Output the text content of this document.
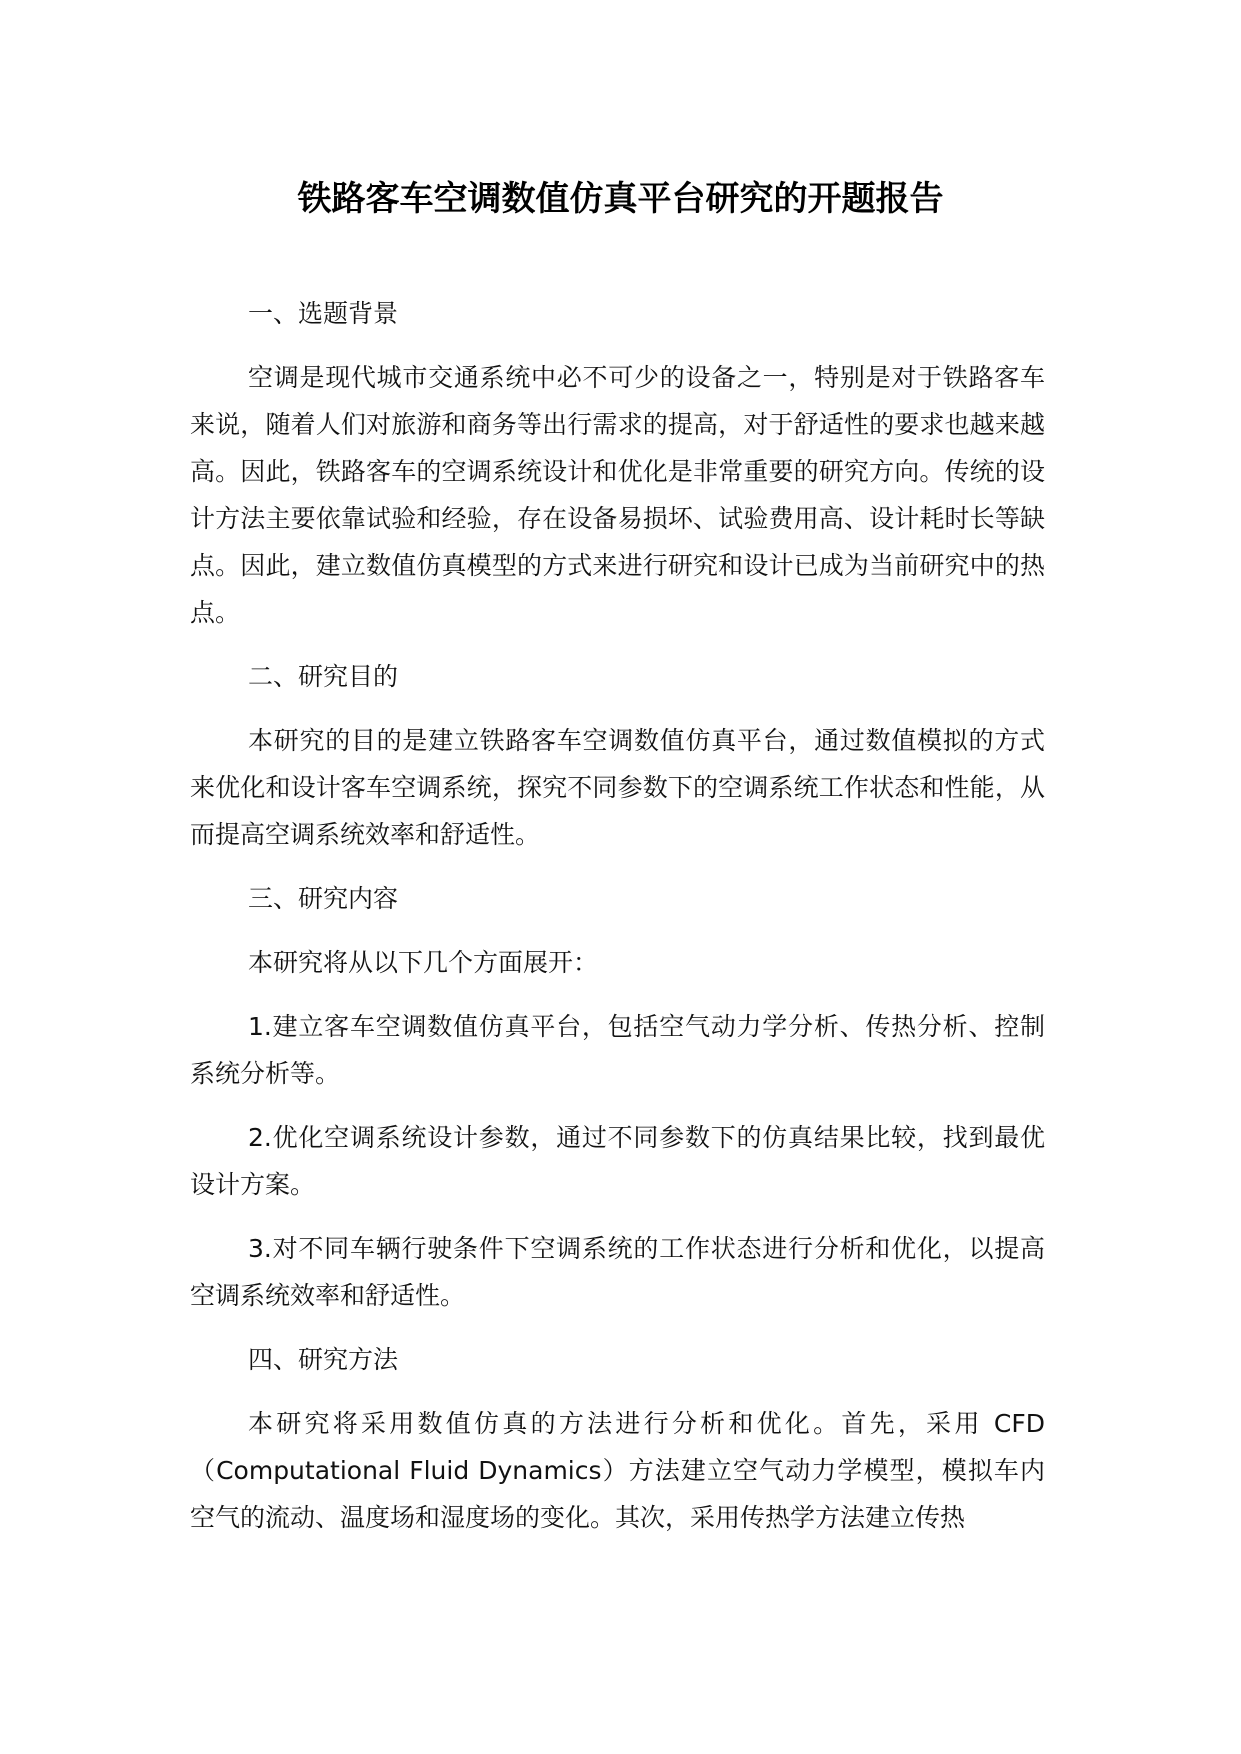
铁路客车空调数值仿真平台研究的开题报告

一、选题背景

空调是现代城市交通系统中必不可少的设备之一，特别是对于铁路客车来说，随着人们对旅游和商务等出行需求的提高，对于舒适性的要求也越来越高。因此，铁路客车的空调系统设计和优化是非常重要的研究方向。传统的设计方法主要依靠试验和经验，存在设备易损坏、试验费用高、设计耗时长等缺点。因此，建立数值仿真模型的方式来进行研究和设计已成为当前研究中的热点。

二、研究目的

本研究的目的是建立铁路客车空调数值仿真平台，通过数值模拟的方式来优化和设计客车空调系统，探究不同参数下的空调系统工作状态和性能，从而提高空调系统效率和舒适性。

三、研究内容

本研究将从以下几个方面展开：

1.建立客车空调数值仿真平台，包括空气动力学分析、传热分析、控制系统分析等。

2.优化空调系统设计参数，通过不同参数下的仿真结果比较，找到最优设计方案。

3.对不同车辆行驶条件下空调系统的工作状态进行分析和优化，以提高空调系统效率和舒适性。

四、研究方法

本研究将采用数值仿真的方法进行分析和优化。首先，采用 CFD（Computational Fluid Dynamics）方法建立空气动力学模型，模拟车内空气的流动、温度场和湿度场的变化。其次，采用传热学方法建立传热
